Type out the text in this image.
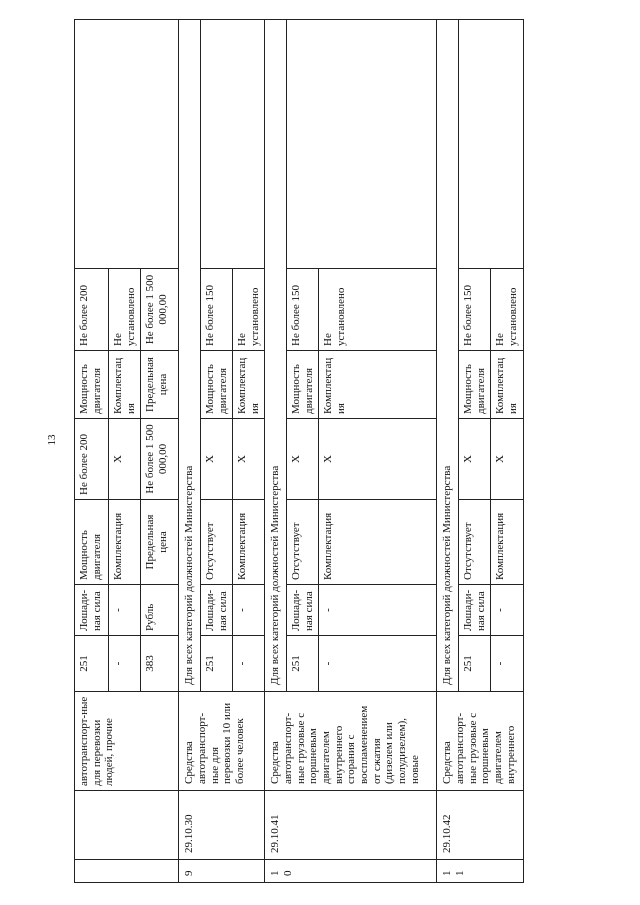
13
		автотранспорт-ные для перевозки людей, прочие	251	Лошади-ная сила	Мощность двигателя	Не более 200	Мощность двигателя	Не более 200	
			-	-	Комплектация	X	Комплектация	Не установлено	
			383	Рубль	Предельная цена	Не более 1 500 000,00	Предельная цена	Не более 1 500 000,00	
9	29.10.30	Средства автотранспорт-ные для перевозки 10 или более человек	Для всех категорий должностей Министерства						
			251	Лошади-ная сила	Отсутствует	X	Мощность двигателя	Не более 150	
			-	-	Комплектация	X	Комплектация	Не установлено	
10	29.10.41	Средства автотранспорт-ные грузовые с поршневым двигателем внутреннего сгорания с воспламенением от сжатия (дизелем или полудизелем), новые	Для всех категорий должностей Министерства						
			251	Лошади-ная сила	Отсутствует	X	Мощность двигателя	Не более 150	
			-	-	Комплектация	X	Комплектация	Не установлено	
11	29.10.42	Средства автотранспорт-ные грузовые с поршневым двигателем внутреннего	Для всех категорий должностей Министерства						
			251	Лошади-ная сила	Отсутствует	X	Мощность двигателя	Не более 150	
			-	-	Комплектация	X	Комплектация	Не установлено	
